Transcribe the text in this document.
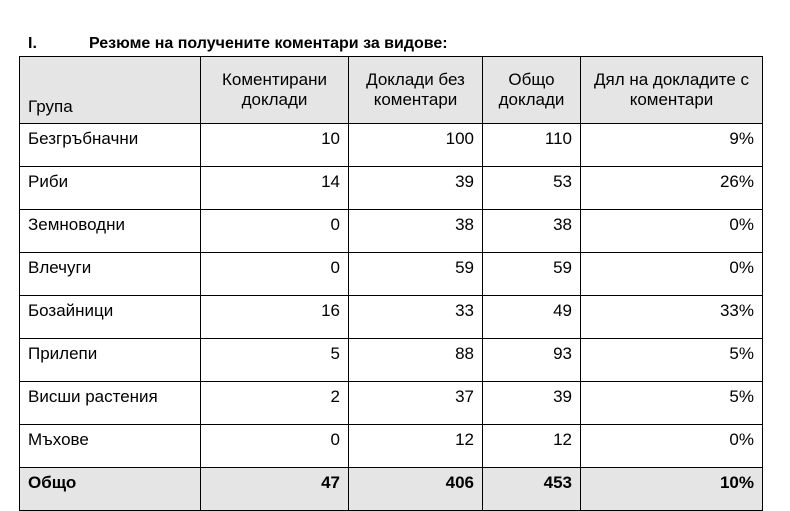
I.	Резюме на получените коментари за видове:
Група	Коментирани доклади	Доклади без коментари	Общо доклади	Дял на докладите с коментари
Безгръбначни	10	100	110	9%
Риби	14	39	53	26%
Земноводни	0	38	38	0%
Влечуги	0	59	59	0%
Бозайници	16	33	49	33%
Прилепи	5	88	93	5%
Висши растения	2	37	39	5%
Мъхове	0	12	12	0%
Общо	47	406	453	10%
